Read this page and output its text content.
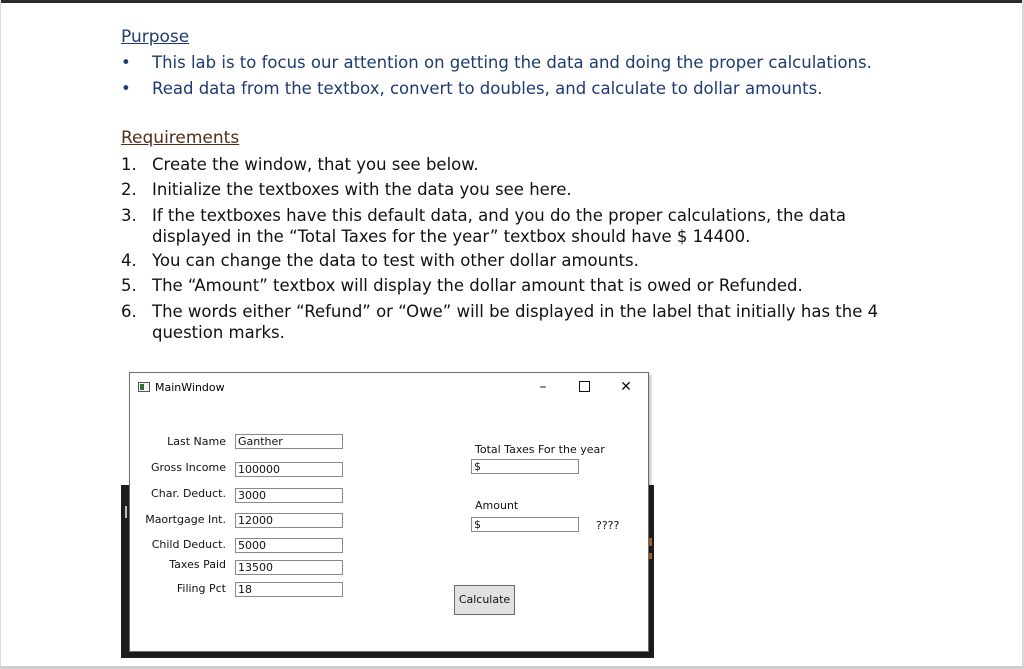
Purpose
• This lab is to focus our attention on getting the data and doing the proper calculations.
• Read data from the textbox, convert to doubles, and calculate to dollar amounts.
Requirements
1. Create the window, that you see below.
2. Initialize the textboxes with the data you see here.
3. If the textboxes have this default data, and you do the proper calculations, the data displayed in the “Total Taxes for the year” textbox should have $ 14400.
4. You can change the data to test with other dollar amounts.
5. The “Amount” textbox will display the dollar amount that is owed or Refunded.
6. The words either “Refund” or “Owe” will be displayed in the label that initially has the 4 question marks.
MainWindow	–	✕
Last Name Ganther
Gross Income 100000
Char. Deduct. 3000
Maortgage Int. 12000
Child Deduct. 5000
Taxes Paid 13500
Filing Pct 18
Total Taxes For the year
$
Amount
$	????
Calculate
